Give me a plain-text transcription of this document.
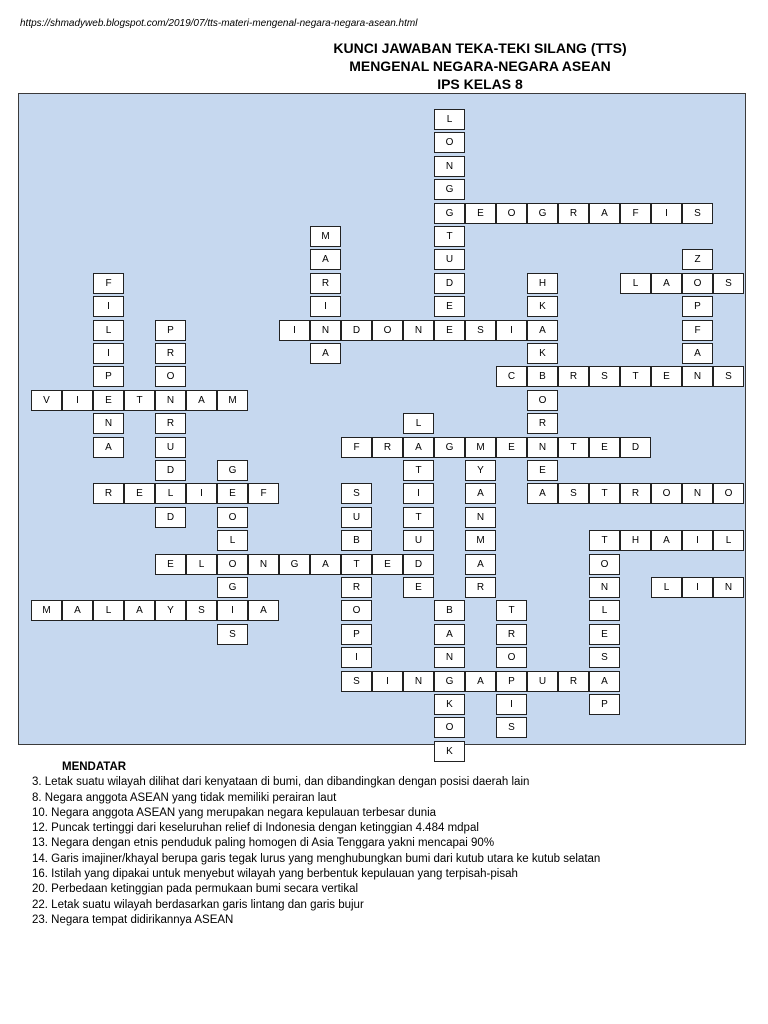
https://shmadyweb.blogspot.com/2019/07/tts-materi-mengenal-negara-negara-asean.html
KUNCI JAWABAN TEKA-TEKI SILANG (TTS)
MENGENAL NEGARA-NEGARA ASEAN
IPS KELAS 8
L
O
N
G
G
T
U
D
E
E	O	G	R	A	F	I	S
M
A
R
I
N
A
Z
O
P
F
A
L	A	S
F
I
L
I
P
E
N
A
H
K
A
K
I	D	O	N	E	S	I
P
R
O
N
R
U
D
L
D
C	B	R	S	T	E	N	S
V	I	T	A	M	O
R
N
E
A
L
A
T
I
T
U
D
E
F	R	G	M	E	T	E	D
Y
A
N
M
A
R
G
E
O
L
O
G
I
S
R	E	I	F	S	T	R	O	N	O
S
U
B
T
R
O
P
I
S
T	H	A	I	L
O
N
L
E
S
A
P
E	L	N	G	A	E
L	I	N
M	A	L	A	Y	S	A	B
A
N
G
K
O
K
T
R
O
P
I
S
I	N	A	U	R
MENDATAR
3. Letak suatu wilayah dilihat dari kenyataan di bumi, dan dibandingkan dengan posisi daerah lain
8. Negara anggota ASEAN yang tidak memiliki perairan laut
10. Negara anggota ASEAN yang merupakan negara kepulauan terbesar dunia
12. Puncak tertinggi dari keseluruhan relief di Indonesia dengan ketinggian 4.484 mdpal
13. Negara dengan etnis penduduk paling homogen di Asia Tenggara yakni mencapai 90%
14. Garis imajiner/khayal berupa garis tegak lurus yang menghubungkan bumi dari kutub utara ke kutub selatan
16. Istilah yang dipakai untuk menyebut wilayah yang berbentuk kepulauan yang terpisah-pisah
20. Perbedaan ketinggian pada permukaan bumi secara vertikal
22. Letak suatu wilayah berdasarkan garis lintang dan garis bujur
23. Negara tempat didirikannya ASEAN
